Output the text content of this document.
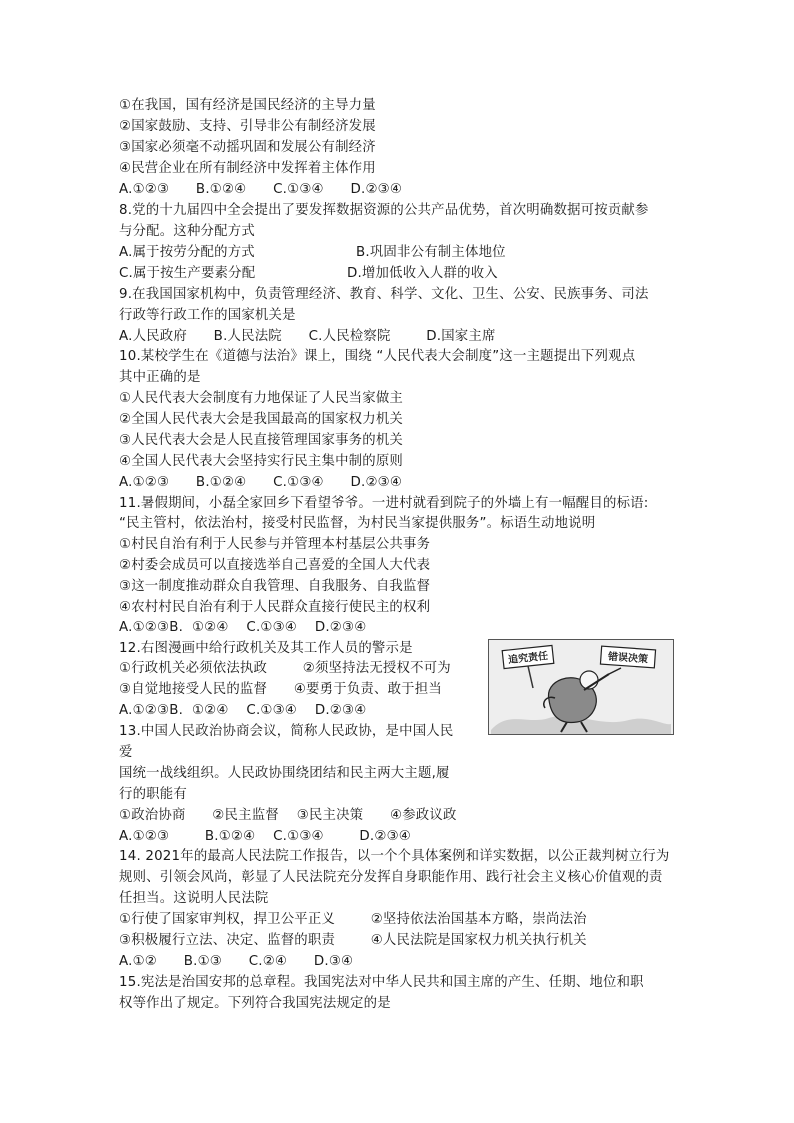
①在我国，国有经济是国民经济的主导力量
②国家鼓励、支持、引导非公有制经济发展
③国家必须毫不动摇巩固和发展公有制经济
④民营企业在所有制经济中发挥着主体作用
A.①②③      B.①②④      C.①③④      D.②③④
8.党的十九届四中全会提出了要发挥数据资源的公共产品优势，首次明确数据可按贡献参
与分配。这种分配方式
A.属于按劳分配的方式	B.巩固非公有制主体地位
C.属于按生产要素分配	D.增加低收入人群的收入
9.在我国国家机构中，负责管理经济、教育、科学、文化、卫生、公安、民族事务、司法
行政等行政工作的国家机关是
A.人民政府      B.人民法院      C.人民检察院        D.国家主席
10.某校学生在《道德与法治》课上，围绕 “人民代表大会制度”这一主题提出下列观点
其中正确的是
①人民代表大会制度有力地保证了人民当家做主
②全国人民代表大会是我国最高的国家权力机关
③人民代表大会是人民直接管理国家事务的机关
④全国人民代表大会坚持实行民主集中制的原则
A.①②③      B.①②④      C.①③④      D.②③④
11.暑假期间，小磊全家回乡下看望爷爷。一进村就看到院子的外墙上有一幅醒目的标语:
“民主管村，依法治村，接受村民监督，为村民当家提供服务”。标语生动地说明
①村民自治有利于人民参与并管理本村基层公共事务
②村委会成员可以直接选举自己喜爱的全国人大代表
③这一制度推动群众自我管理、自我服务、自我监督
④农村村民自治有利于人民群众直接行使民主的权利
A.①②③B.  ①②④    C.①③④    D.②③④
12.右图漫画中给行政机关及其工作人员的警示是
①行政机关必须依法执政        ②须坚持法无授权不可为
③自觉地接受人民的监督      ④要勇于负责、敢于担当
A.①②③B.  ①②④    C.①③④    D.②③④
追究责任	错误决策
13.中国人民政治协商会议，简称人民政协，是中国人民
爱
国统一战线组织。人民政协围绕团结和民主两大主题,履
行的职能有
①政治协商      ②民主监督    ③民主决策      ④参政议政
A.①②③        B.①②④    C.①③④        D.②③④
14. 2021年的最高人民法院工作报告，以一个个具体案例和详实数据，以公正裁判树立行为
规则、引领会风尚，彰显了人民法院充分发挥自身职能作用、践行社会主义核心价值观的责
任担当。这说明人民法院
①行使了国家审判权，捍卫公平正义        ②坚持依法治国基本方略，崇尚法治
③积极履行立法、决定、监督的职责        ④人民法院是国家权力机关执行机关
A.①②      B.①③      C.②④      D.③④
15.宪法是治国安邦的总章程。我国宪法对中华人民共和国主席的产生、任期、地位和职
权等作出了规定。下列符合我国宪法规定的是
